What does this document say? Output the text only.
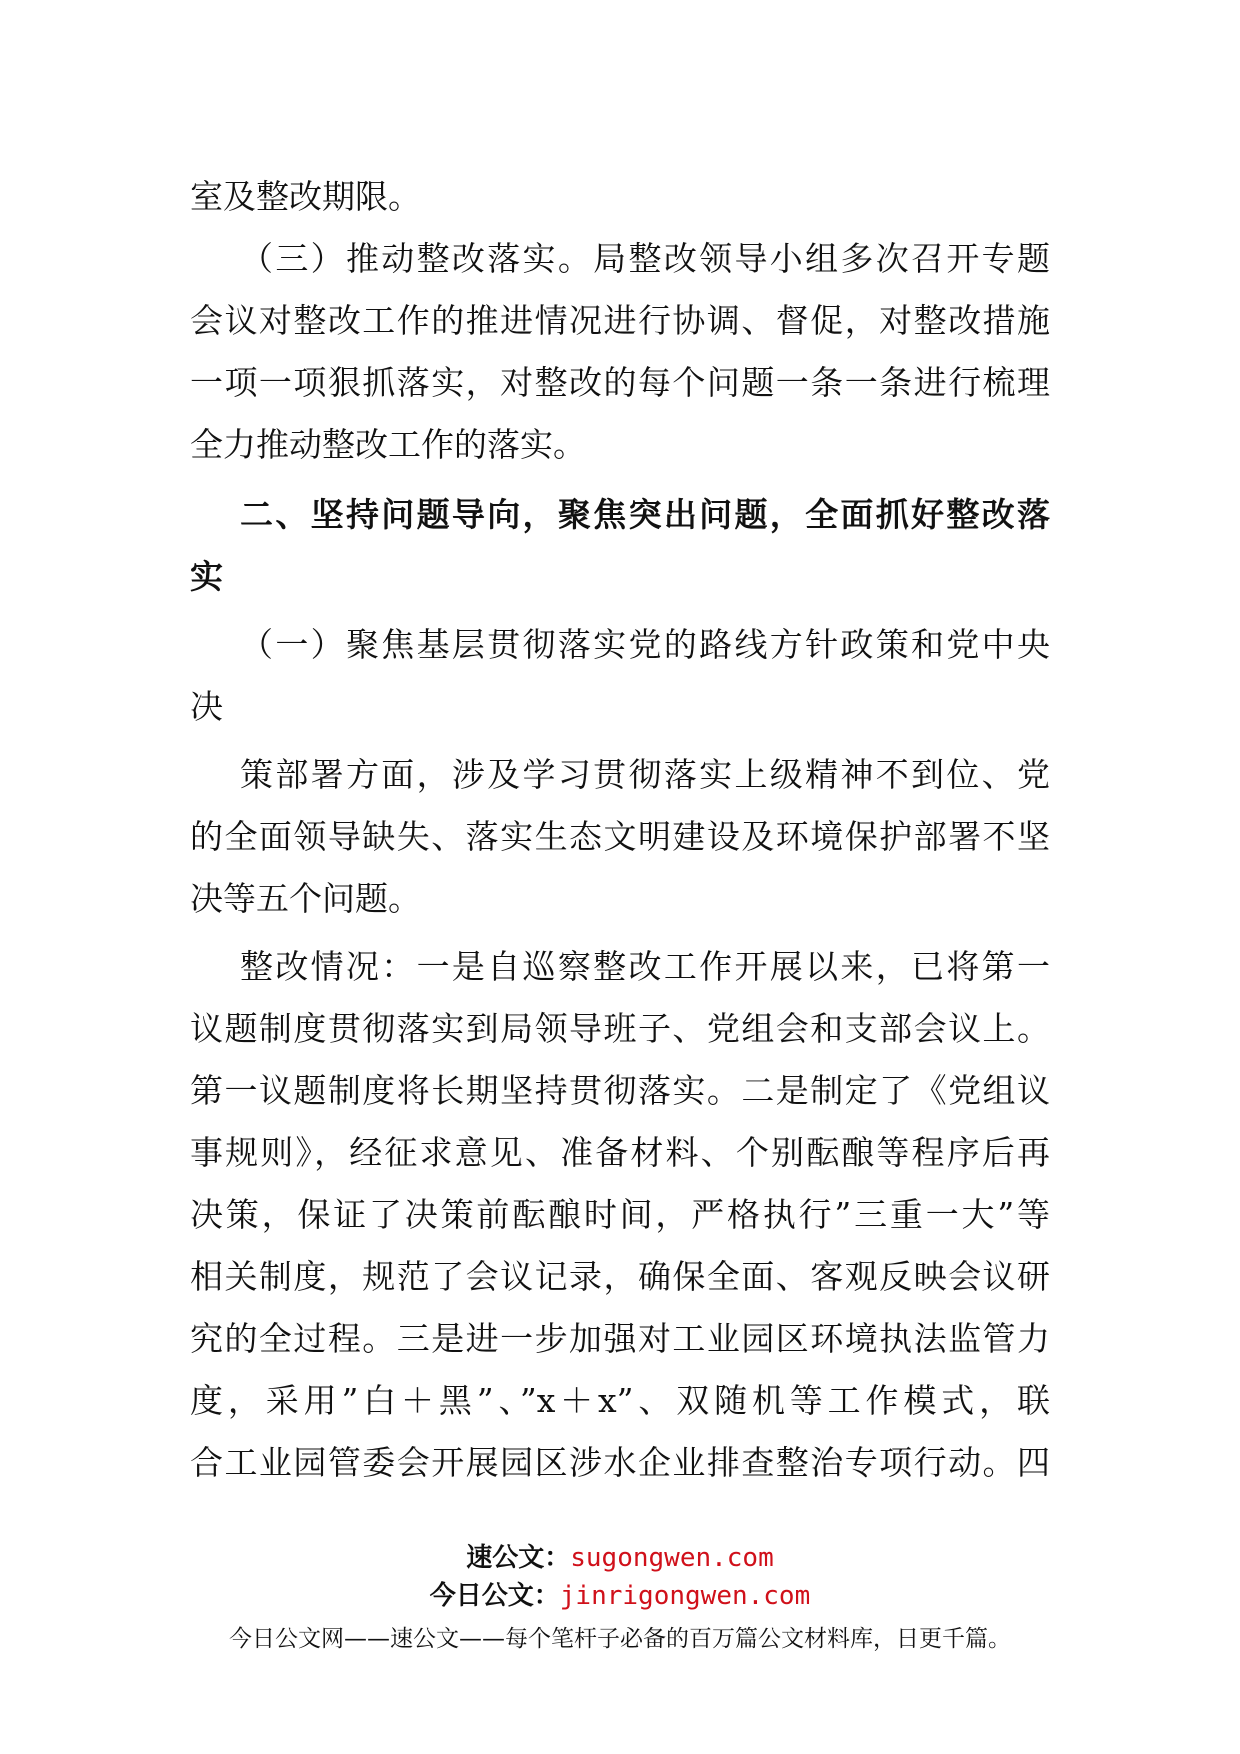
室及整改期限。
（三）推动整改落实。局整改领导小组多次召开专题
会议对整改工作的推进情况进行协调、督促，对整改措施
一项一项狠抓落实，对整改的每个问题一条一条进行梳理
全力推动整改工作的落实。
二、坚持问题导向，聚焦突出问题，全面抓好整改落
实
（一）聚焦基层贯彻落实党的路线方针政策和党中央
决
策部署方面，涉及学习贯彻落实上级精神不到位、党
的全面领导缺失、落实生态文明建设及环境保护部署不坚
决等五个问题。
整改情况：一是自巡察整改工作开展以来，已将第一
议题制度贯彻落实到局领导班子、党组会和支部会议上。
第一议题制度将长期坚持贯彻落实。二是制定了《党组议
事规则》，经征求意见、准备材料、个别酝酿等程序后再
决策，保证了决策前酝酿时间，严格执行”三重一大”等
相关制度，规范了会议记录，确保全面、客观反映会议研
究的全过程。三是进一步加强对工业园区环境执法监管力
度，采用”白＋黑”、”x＋x”、双随机等工作模式，联
合工业园管委会开展园区涉水企业排查整治专项行动。四
速公文：sugongwen.com
今日公文：jinrigongwen.com
今日公文网——速公文——每个笔杆子必备的百万篇公文材料库，日更千篇。
